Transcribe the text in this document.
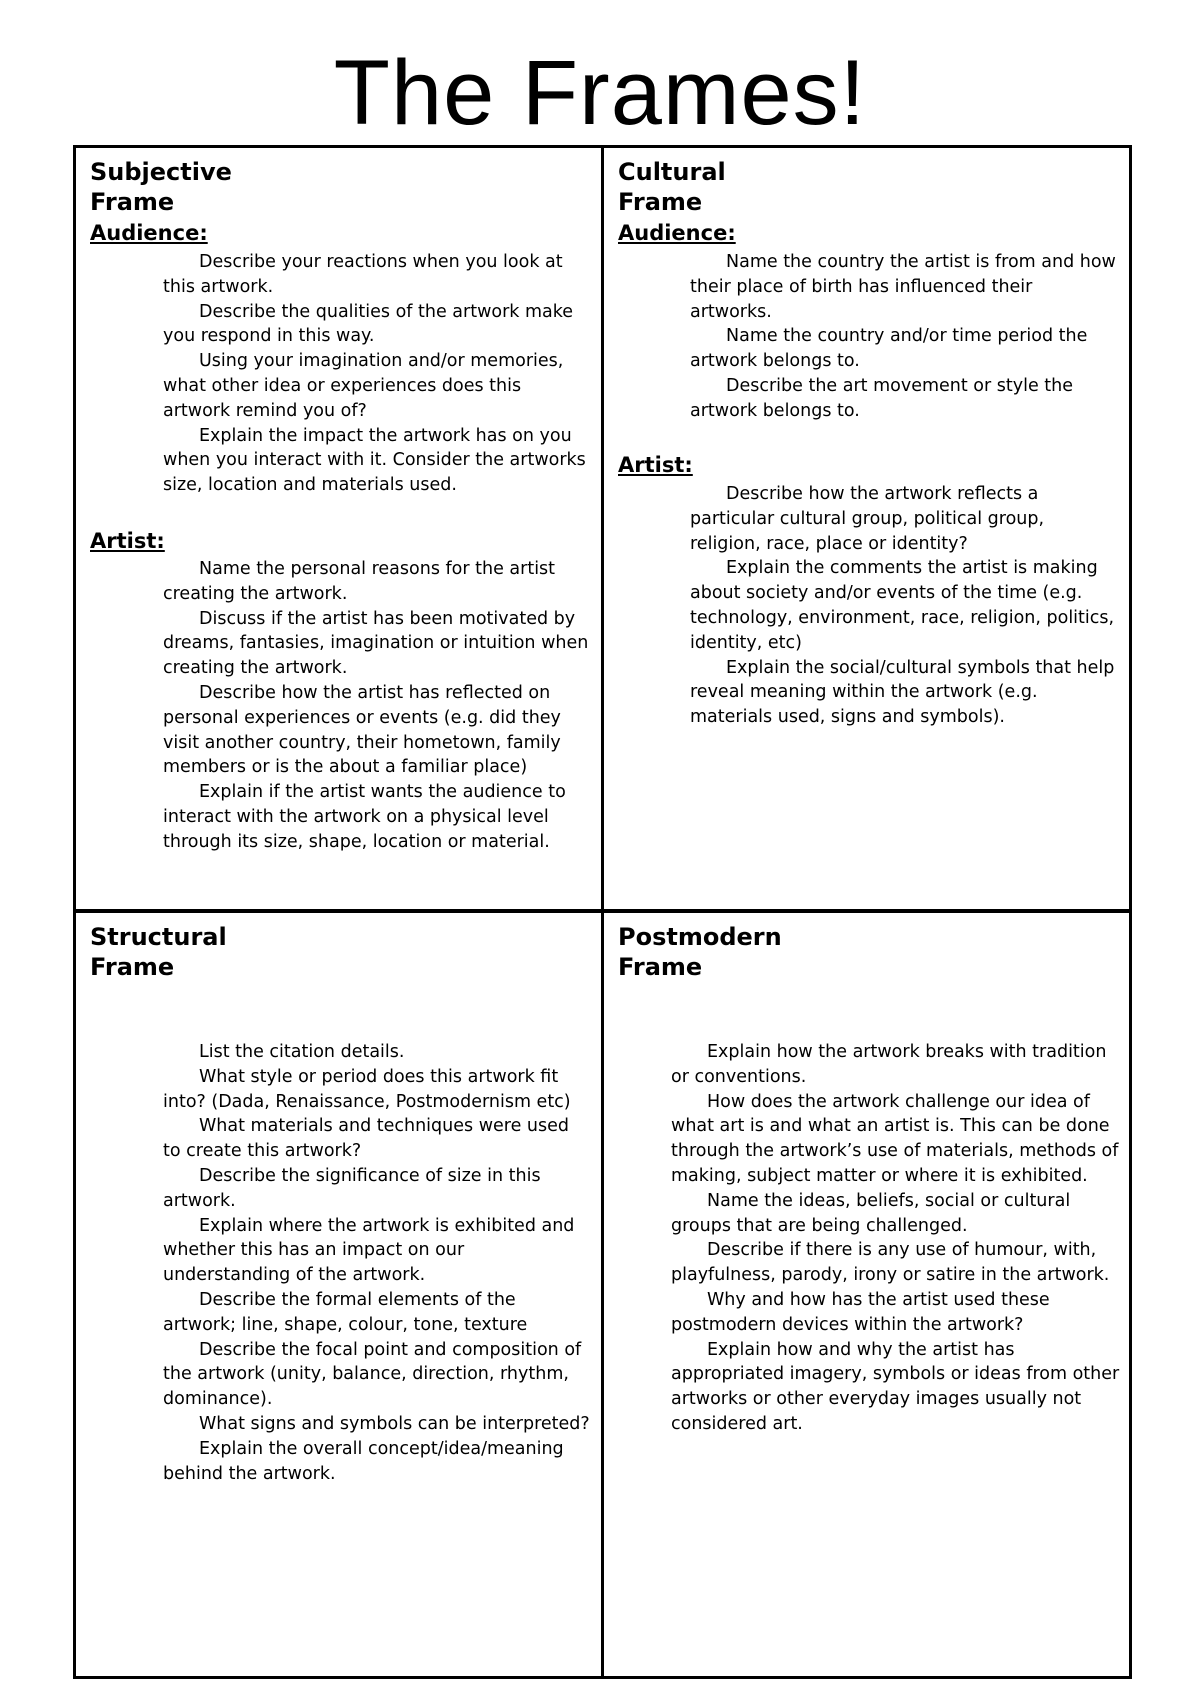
The Frames!
Subjective Frame
Audience:
Describe your reactions when you look at this artwork.
Describe the qualities of the artwork make you respond in this way.
Using your imagination and/or memories, what other idea or experiences does this artwork remind you of?
Explain the impact the artwork has on you when you interact with it. Consider the artworks size, location and materials used.
Artist:
Name the personal reasons for the artist creating the artwork.
Discuss if the artist has been motivated by dreams, fantasies, imagination or intuition when creating the artwork.
Describe how the artist has reflected on personal experiences or events (e.g. did they visit another country, their hometown, family members or is the about a familiar place)
Explain if the artist wants the audience to interact with the artwork on a physical level through its size, shape, location or material.
Cultural Frame
Audience:
Name the country the artist is from and how their place of birth has influenced their artworks.
Name the country and/or time period the artwork belongs to.
Describe the art movement or style the artwork belongs to.
Artist:
Describe how the artwork reflects a particular cultural group, political group, religion, race, place or identity?
Explain the comments the artist is making about society and/or events of the time (e.g. technology, environment, race, religion, politics, identity, etc)
Explain the social/cultural symbols that help reveal meaning within the artwork (e.g. materials used, signs and symbols).
Structural Frame
List the citation details.
What style or period does this artwork fit into? (Dada, Renaissance, Postmodernism etc)
What materials and techniques were used to create this artwork?
Describe the significance of size in this artwork.
Explain where the artwork is exhibited and whether this has an impact on our understanding of the artwork.
Describe the formal elements of the artwork; line, shape, colour, tone, texture
Describe the focal point and composition of the artwork (unity, balance, direction, rhythm, dominance).
What signs and symbols can be interpreted?
Explain the overall concept/idea/meaning behind the artwork.
Postmodern Frame
Explain how the artwork breaks with tradition or conventions.
How does the artwork challenge our idea of what art is and what an artist is. This can be done through the artwork’s use of materials, methods of making, subject matter or where it is exhibited.
Name the ideas, beliefs, social or cultural groups that are being challenged.
Describe if there is any use of humour, with, playfulness, parody, irony or satire in the artwork.
Why and how has the artist used these postmodern devices within the artwork?
Explain how and why the artist has appropriated imagery, symbols or ideas from other artworks or other everyday images usually not considered art.
